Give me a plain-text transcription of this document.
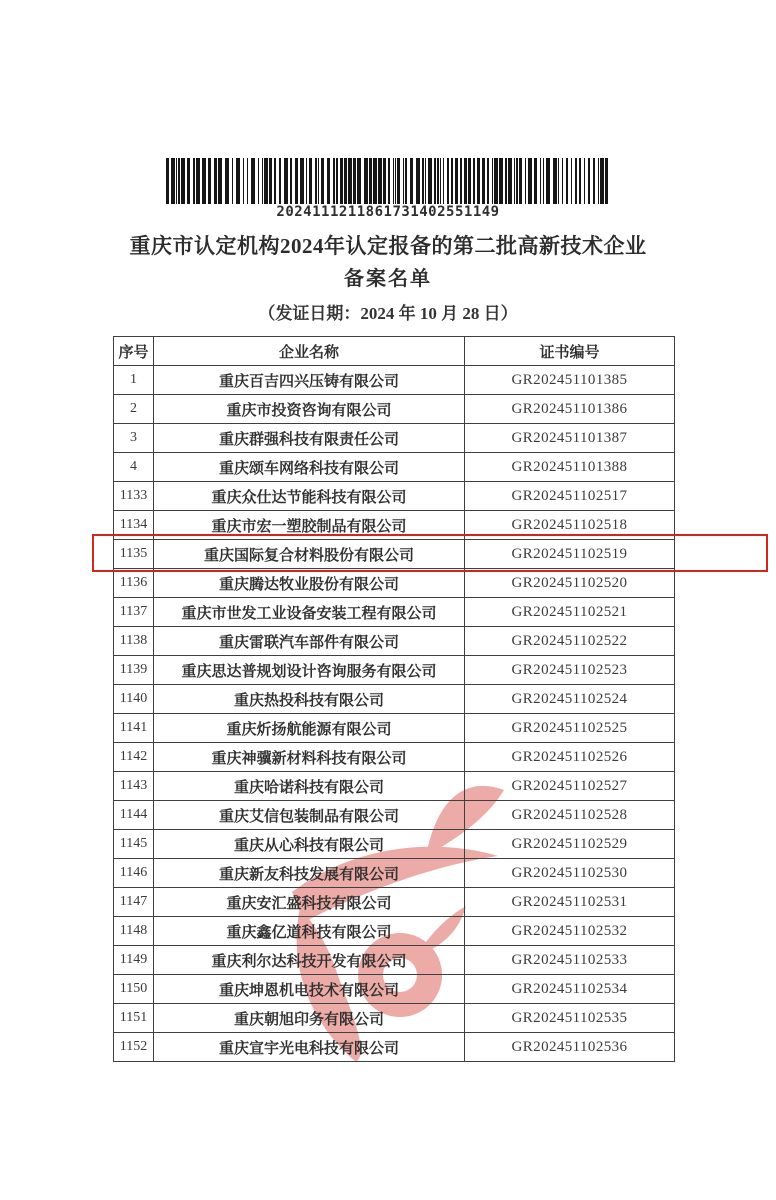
2024111211861731402551149
重庆市认定机构2024年认定报备的第二批高新技术企业
备案名单
（发证日期：2024 年 10 月 28 日）
序号	企业名称	证书编号
1	重庆百吉四兴压铸有限公司	GR202451101385
2	重庆市投资咨询有限公司	GR202451101386
3	重庆群强科技有限责任公司	GR202451101387
4	重庆颂车网络科技有限公司	GR202451101388
1133	重庆众仕达节能科技有限公司	GR202451102517
1134	重庆市宏一塑胶制品有限公司	GR202451102518
1135	重庆国际复合材料股份有限公司	GR202451102519
1136	重庆腾达牧业股份有限公司	GR202451102520
1137	重庆市世发工业设备安装工程有限公司	GR202451102521
1138	重庆雷联汽车部件有限公司	GR202451102522
1139	重庆思达普规划设计咨询服务有限公司	GR202451102523
1140	重庆热投科技有限公司	GR202451102524
1141	重庆炘扬航能源有限公司	GR202451102525
1142	重庆神骥新材料科技有限公司	GR202451102526
1143	重庆哈诺科技有限公司	GR202451102527
1144	重庆艾信包装制品有限公司	GR202451102528
1145	重庆从心科技有限公司	GR202451102529
1146	重庆新友科技发展有限公司	GR202451102530
1147	重庆安汇盛科技有限公司	GR202451102531
1148	重庆鑫亿道科技有限公司	GR202451102532
1149	重庆利尔达科技开发有限公司	GR202451102533
1150	重庆坤恩机电技术有限公司	GR202451102534
1151	重庆朝旭印务有限公司	GR202451102535
1152	重庆宣宇光电科技有限公司	GR202451102536
